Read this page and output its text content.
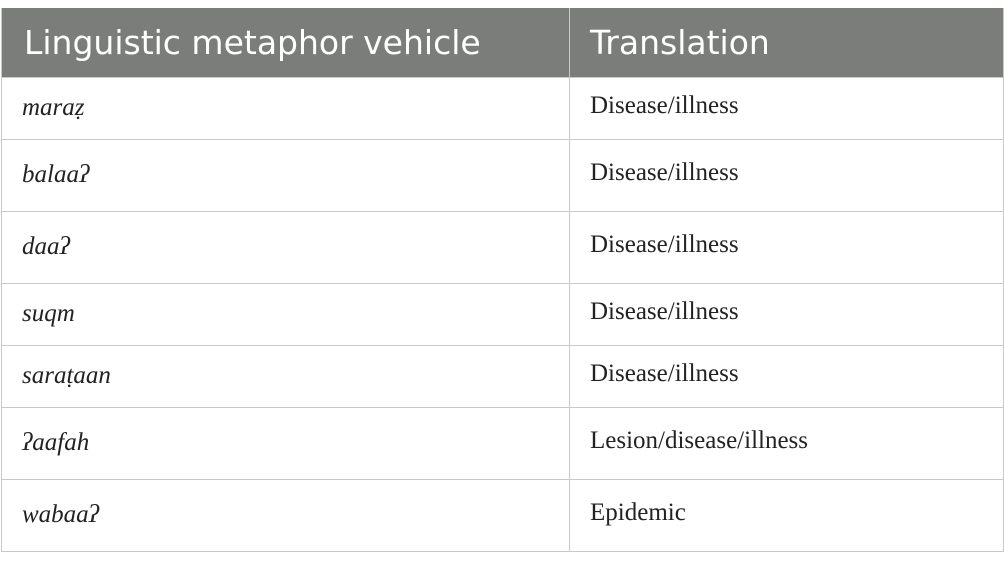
Linguistic metaphor vehicle	Translation
maraẓ	Disease/illness
balaaʔ	Disease/illness
daaʔ	Disease/illness
suqm	Disease/illness
saraṭaan	Disease/illness
ʔaafah	Lesion/disease/illness
wabaaʔ	Epidemic
